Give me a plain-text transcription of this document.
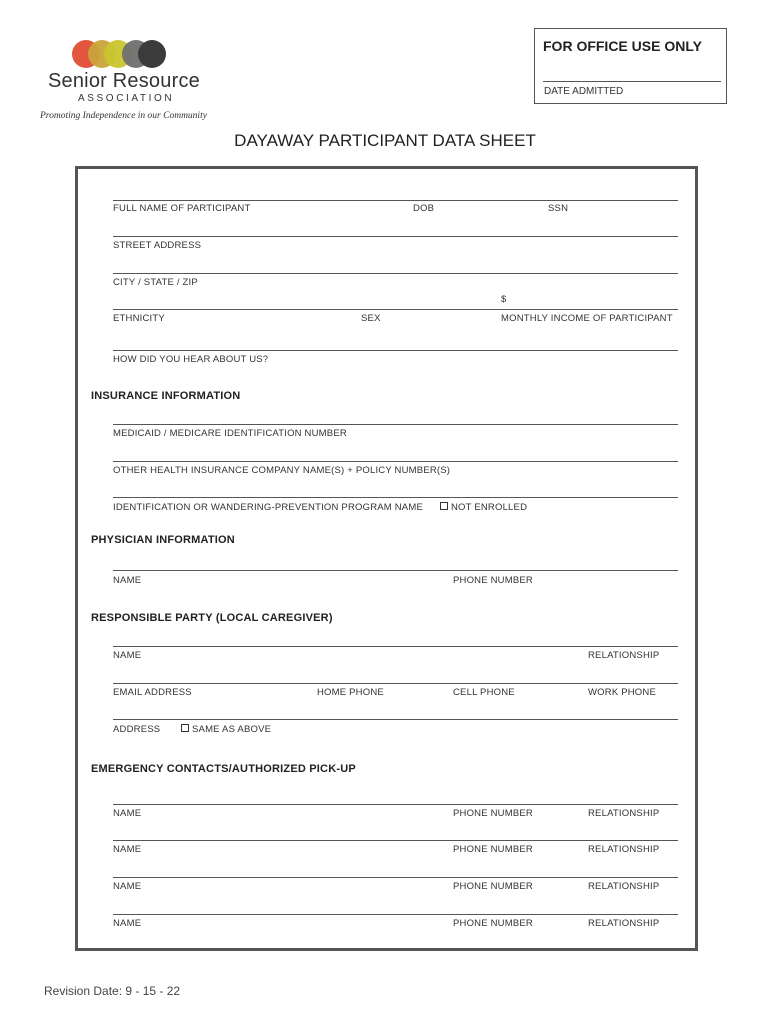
Senior Resource
ASSOCIATION
Promoting Independence in our Community
FOR OFFICE USE ONLY
DATE ADMITTED
DAYAWAY PARTICIPANT DATA SHEET
FULL NAME OF PARTICIPANT	DOB	SSN
STREET ADDRESS
CITY / STATE / ZIP
$
ETHNICITY	SEX	MONTHLY INCOME OF PARTICIPANT
HOW DID YOU HEAR ABOUT US?
INSURANCE INFORMATION
MEDICAID / MEDICARE IDENTIFICATION NUMBER
OTHER HEALTH INSURANCE COMPANY NAME(S) + POLICY NUMBER(S)
IDENTIFICATION OR WANDERING-PREVENTION PROGRAM NAME	NOT ENROLLED
PHYSICIAN INFORMATION
NAME	PHONE NUMBER
RESPONSIBLE PARTY (LOCAL CAREGIVER)
NAME	RELATIONSHIP
EMAIL ADDRESS	HOME PHONE	CELL PHONE	WORK PHONE
ADDRESS	SAME AS ABOVE
EMERGENCY CONTACTS/AUTHORIZED PICK-UP
NAME	PHONE NUMBER	RELATIONSHIP
NAME	PHONE NUMBER	RELATIONSHIP
NAME	PHONE NUMBER	RELATIONSHIP
NAME	PHONE NUMBER	RELATIONSHIP
Revision Date: 9 - 15 - 22
